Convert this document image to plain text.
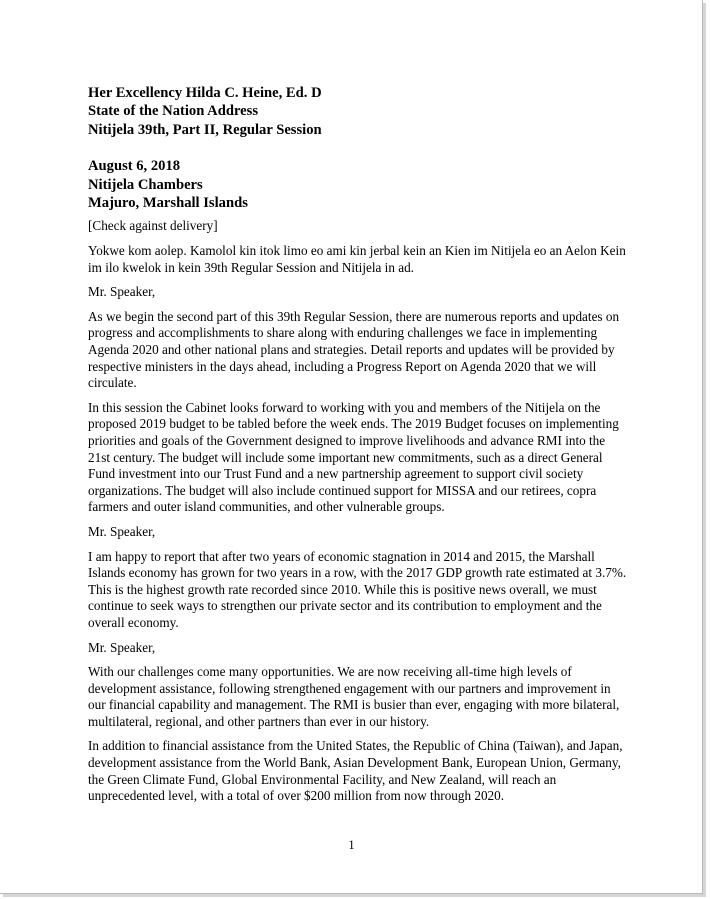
Her Excellency Hilda C. Heine, Ed. D
State of the Nation Address
Nitijela 39th, Part II, Regular Session
August 6, 2018
Nitijela Chambers
Majuro, Marshall Islands

[Check against delivery]

Yokwe kom aolep. Kamolol kin itok limo eo ami kin jerbal kein an Kien im Nitijela eo an Aelon Kein im ilo kwelok in kein 39th Regular Session and Nitijela in ad.

Mr. Speaker,

As we begin the second part of this 39th Regular Session, there are numerous reports and updates on progress and accomplishments to share along with enduring challenges we face in implementing Agenda 2020 and other national plans and strategies. Detail reports and updates will be provided by respective ministers in the days ahead, including a Progress Report on Agenda 2020 that we will circulate.

In this session the Cabinet looks forward to working with you and members of the Nitijela on the proposed 2019 budget to be tabled before the week ends. The 2019 Budget focuses on implementing priorities and goals of the Government designed to improve livelihoods and advance RMI into the 21st century. The budget will include some important new commitments, such as a direct General Fund investment into our Trust Fund and a new partnership agreement to support civil society organizations. The budget will also include continued support for MISSA and our retirees, copra farmers and outer island communities, and other vulnerable groups.

Mr. Speaker,

I am happy to report that after two years of economic stagnation in 2014 and 2015, the Marshall Islands economy has grown for two years in a row, with the 2017 GDP growth rate estimated at 3.7%. This is the highest growth rate recorded since 2010. While this is positive news overall, we must continue to seek ways to strengthen our private sector and its contribution to employment and the overall economy.

Mr. Speaker,

With our challenges come many opportunities. We are now receiving all-time high levels of development assistance, following strengthened engagement with our partners and improvement in our financial capability and management. The RMI is busier than ever, engaging with more bilateral, multilateral, regional, and other partners than ever in our history.

In addition to financial assistance from the United States, the Republic of China (Taiwan), and Japan, development assistance from the World Bank, Asian Development Bank, European Union, Germany, the Green Climate Fund, Global Environmental Facility, and New Zealand, will reach an unprecedented level, with a total of over $200 million from now through 2020.

1
